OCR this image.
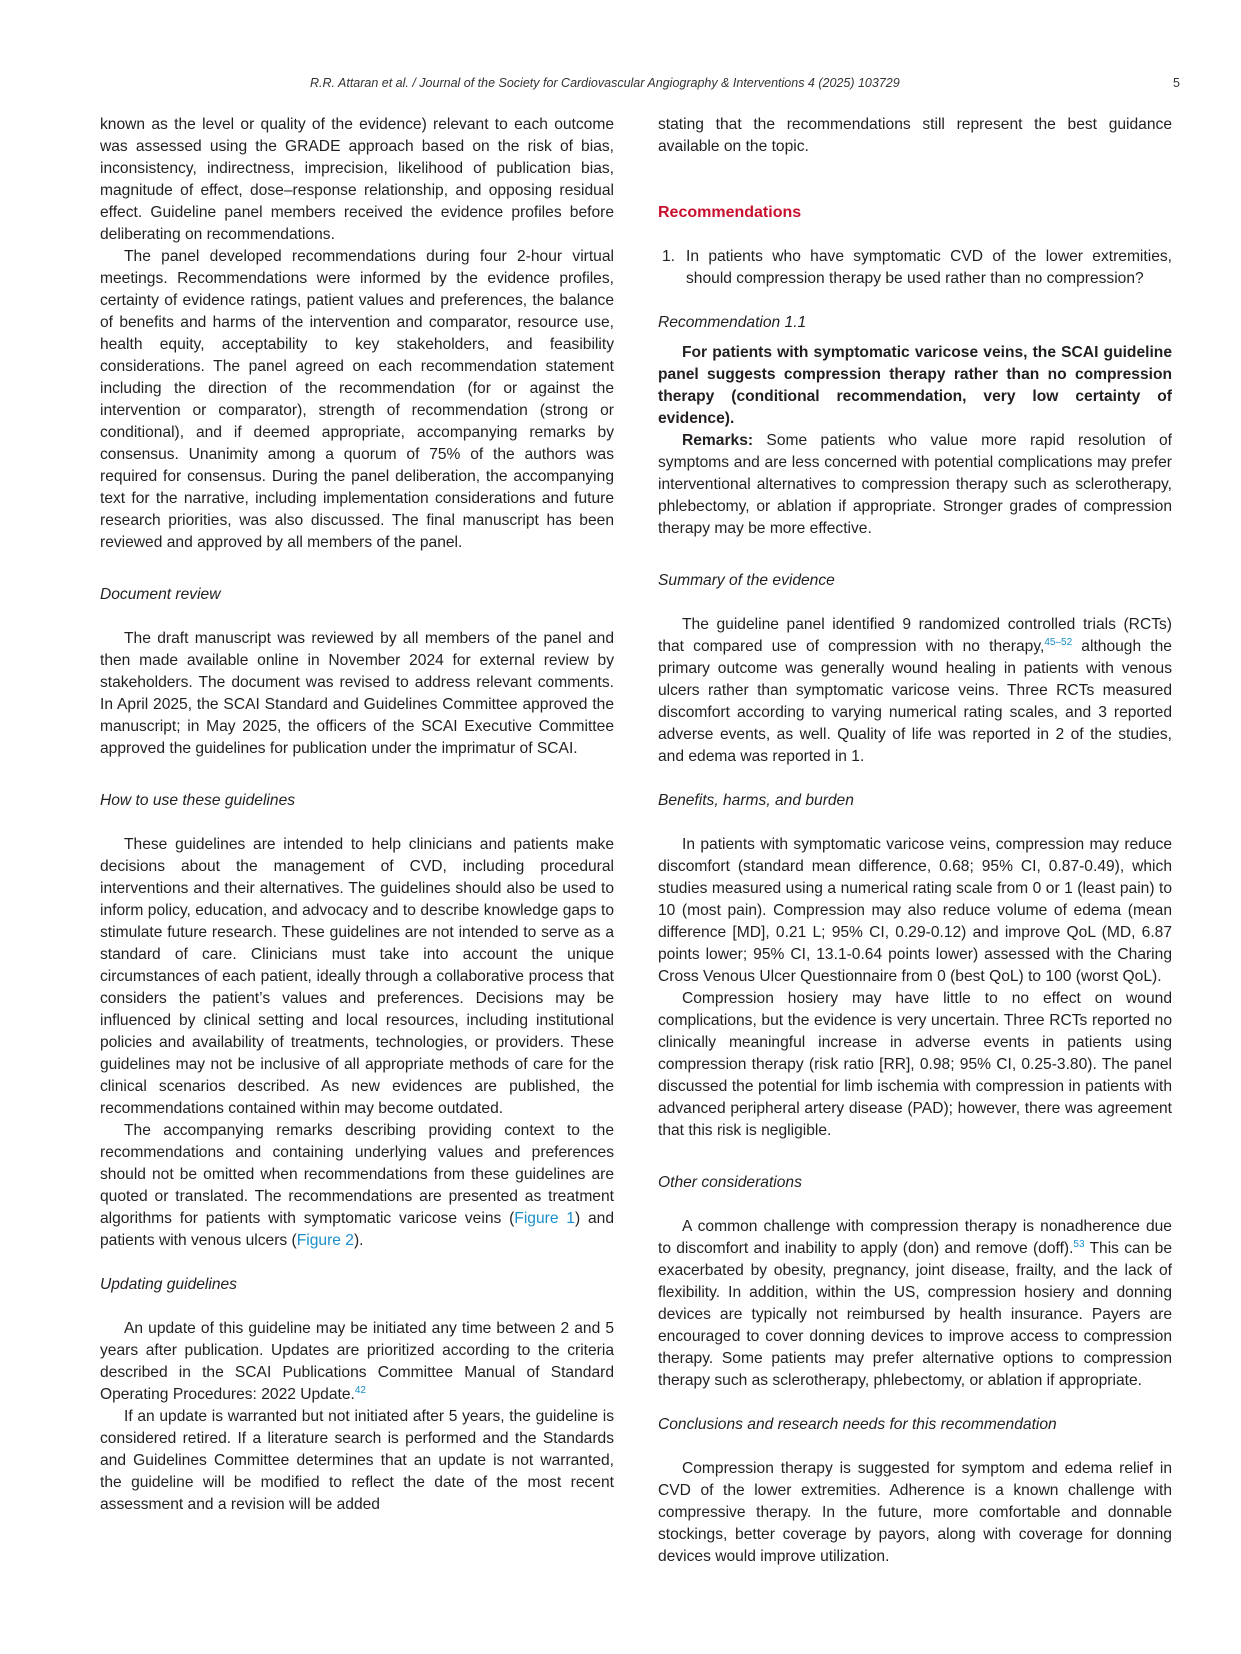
R.R. Attaran et al. / Journal of the Society for Cardiovascular Angiography & Interventions 4 (2025) 103729	5

known as the level or quality of the evidence) relevant to each outcome was assessed using the GRADE approach based on the risk of bias, inconsistency, indirectness, imprecision, likelihood of publication bias, magnitude of effect, dose–response relationship, and opposing residual effect. Guideline panel members received the evidence profiles before deliberating on recommendations.

The panel developed recommendations during four 2-hour virtual meetings. Recommendations were informed by the evidence profiles, certainty of evidence ratings, patient values and preferences, the balance of benefits and harms of the intervention and comparator, resource use, health equity, acceptability to key stakeholders, and feasibility considerations. The panel agreed on each recommendation statement including the direction of the recommendation (for or against the intervention or comparator), strength of recommendation (strong or conditional), and if deemed appropriate, accompanying remarks by consensus. Unanimity among a quorum of 75% of the authors was required for consensus. During the panel deliberation, the accompanying text for the narrative, including implementation considerations and future research priorities, was also discussed. The final manuscript has been reviewed and approved by all members of the panel.

Document review

The draft manuscript was reviewed by all members of the panel and then made available online in November 2024 for external review by stakeholders. The document was revised to address relevant comments. In April 2025, the SCAI Standard and Guidelines Committee approved the manuscript; in May 2025, the officers of the SCAI Executive Committee approved the guidelines for publication under the imprimatur of SCAI.

How to use these guidelines

These guidelines are intended to help clinicians and patients make decisions about the management of CVD, including procedural interventions and their alternatives. The guidelines should also be used to inform policy, education, and advocacy and to describe knowledge gaps to stimulate future research. These guidelines are not intended to serve as a standard of care. Clinicians must take into account the unique circumstances of each patient, ideally through a collaborative process that considers the patient’s values and preferences. Decisions may be influenced by clinical setting and local resources, including institutional policies and availability of treatments, technologies, or providers. These guidelines may not be inclusive of all appropriate methods of care for the clinical scenarios described. As new evidences are published, the recommendations contained within may become outdated.

The accompanying remarks describing providing context to the recommendations and containing underlying values and preferences should not be omitted when recommendations from these guidelines are quoted or translated. The recommendations are presented as treatment algorithms for patients with symptomatic varicose veins (Figure 1) and patients with venous ulcers (Figure 2).

Updating guidelines

An update of this guideline may be initiated any time between 2 and 5 years after publication. Updates are prioritized according to the criteria described in the SCAI Publications Committee Manual of Standard Operating Procedures: 2022 Update.$^{42}$

If an update is warranted but not initiated after 5 years, the guideline is considered retired. If a literature search is performed and the Standards and Guidelines Committee determines that an update is not warranted, the guideline will be modified to reflect the date of the most recent assessment and a revision will be added

stating that the recommendations still represent the best guidance available on the topic.

Recommendations

1. In patients who have symptomatic CVD of the lower extremities, should compression therapy be used rather than no compression?

Recommendation 1.1

For patients with symptomatic varicose veins, the SCAI guideline panel suggests compression therapy rather than no compression therapy (conditional recommendation, very low certainty of evidence).

Remarks: Some patients who value more rapid resolution of symptoms and are less concerned with potential complications may prefer interventional alternatives to compression therapy such as sclerotherapy, phlebectomy, or ablation if appropriate. Stronger grades of compression therapy may be more effective.

Summary of the evidence

The guideline panel identified 9 randomized controlled trials (RCTs) that compared use of compression with no therapy,$^{45-52}$ although the primary outcome was generally wound healing in patients with venous ulcers rather than symptomatic varicose veins. Three RCTs measured discomfort according to varying numerical rating scales, and 3 reported adverse events, as well. Quality of life was reported in 2 of the studies, and edema was reported in 1.

Benefits, harms, and burden

In patients with symptomatic varicose veins, compression may reduce discomfort (standard mean difference, 0.68; 95% CI, 0.87-0.49), which studies measured using a numerical rating scale from 0 or 1 (least pain) to 10 (most pain). Compression may also reduce volume of edema (mean difference [MD], 0.21 L; 95% CI, 0.29-0.12) and improve QoL (MD, 6.87 points lower; 95% CI, 13.1-0.64 points lower) assessed with the Charing Cross Venous Ulcer Questionnaire from 0 (best QoL) to 100 (worst QoL).

Compression hosiery may have little to no effect on wound complications, but the evidence is very uncertain. Three RCTs reported no clinically meaningful increase in adverse events in patients using compression therapy (risk ratio [RR], 0.98; 95% CI, 0.25-3.80). The panel discussed the potential for limb ischemia with compression in patients with advanced peripheral artery disease (PAD); however, there was agreement that this risk is negligible.

Other considerations

A common challenge with compression therapy is nonadherence due to discomfort and inability to apply (don) and remove (doff).$^{53}$ This can be exacerbated by obesity, pregnancy, joint disease, frailty, and the lack of flexibility. In addition, within the US, compression hosiery and donning devices are typically not reimbursed by health insurance. Payers are encouraged to cover donning devices to improve access to compression therapy. Some patients may prefer alternative options to compression therapy such as sclerotherapy, phlebectomy, or ablation if appropriate.

Conclusions and research needs for this recommendation

Compression therapy is suggested for symptom and edema relief in CVD of the lower extremities. Adherence is a known challenge with compressive therapy. In the future, more comfortable and donnable stockings, better coverage by payors, along with coverage for donning devices would improve utilization.
